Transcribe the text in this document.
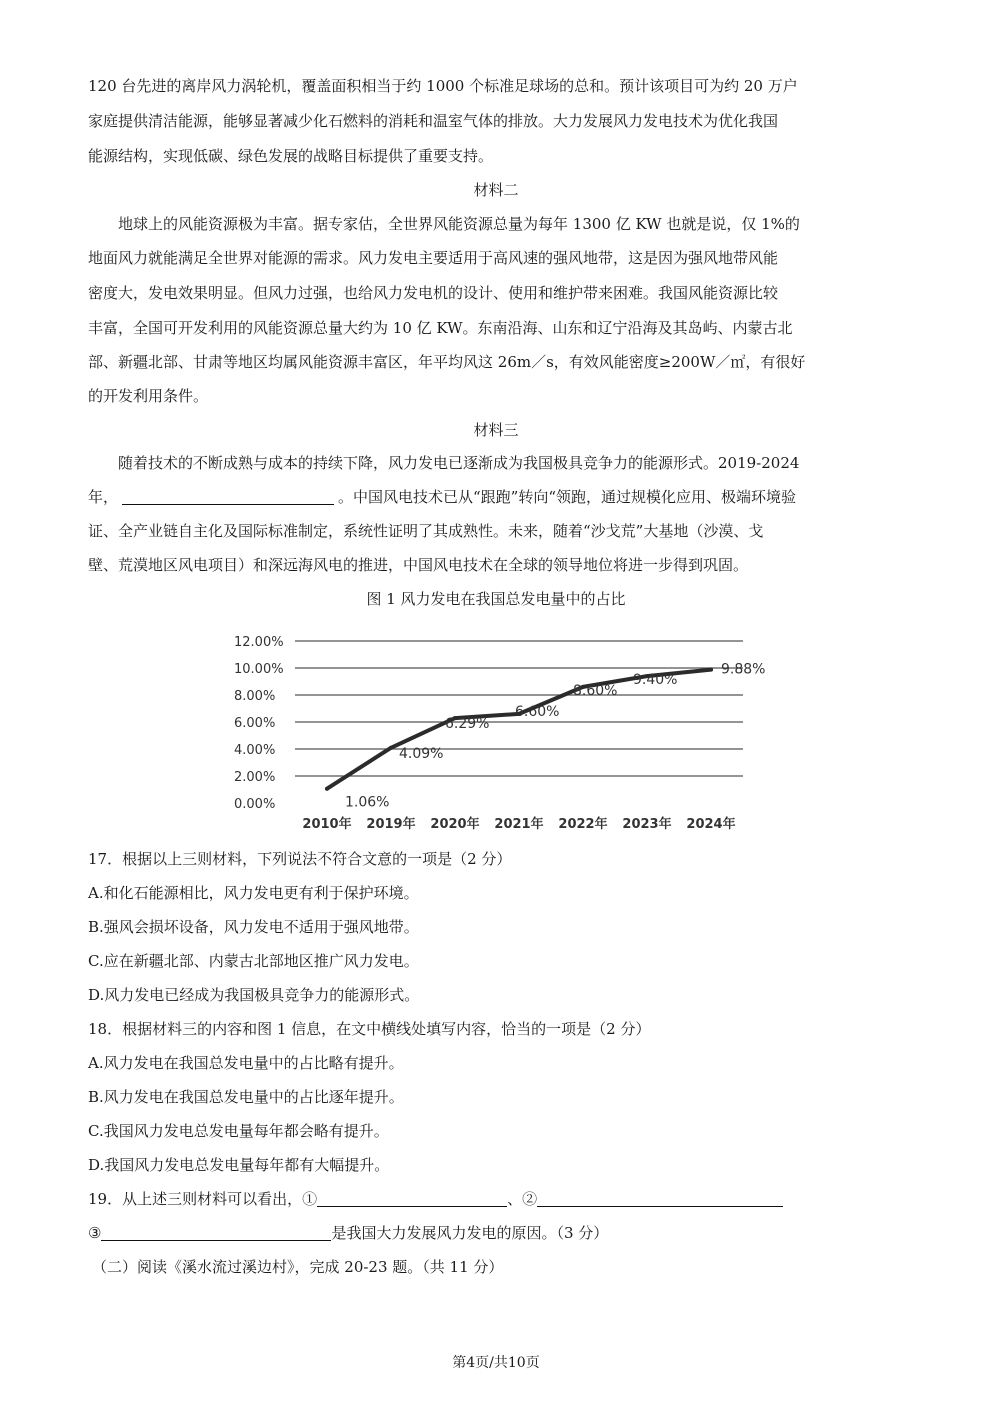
120 台先进的离岸风力涡轮机，覆盖面积相当于约 1000 个标准足球场的总和。预计该项目可为约 20 万户
家庭提供清洁能源，能够显著减少化石燃料的消耗和温室气体的排放。大力发展风力发电技术为优化我国
能源结构，实现低碳、绿色发展的战略目标提供了重要支持。
材料二
地球上的风能资源极为丰富。据专家估，全世界风能资源总量为每年 1300 亿 KW 也就是说，仅 1%的
地面风力就能满足全世界对能源的需求。风力发电主要适用于高风速的强风地带，这是因为强风地带风能
密度大，发电效果明显。但风力过强，也给风力发电机的设计、使用和维护带来困难。我国风能资源比较
丰富，全国可开发利用的风能资源总量大约为 10 亿 KW。东南沿海、山东和辽宁沿海及其岛屿、内蒙古北
部、新疆北部、甘肃等地区均属风能资源丰富区，年平均风这 26m／s，有效风能密度≥200W／㎡，有很好
的开发利用条件。
材料三
随着技术的不断成熟与成本的持续下降，风力发电已逐渐成为我国极具竞争力的能源形式。2019-2024
年，	。中国风电技术已从“跟跑”转向“领跑，通过规模化应用、极端环境验
证、全产业链自主化及国际标准制定，系统性证明了其成熟性。未来，随着“沙戈荒”大基地（沙漠、戈
壁、荒漠地区风电项目）和深远海风电的推进，中国风电技术在全球的领导地位将进一步得到巩固。
图 1 风力发电在我国总发电量中的占比
0.00%
2.00%
4.00%
6.00%
8.00%
10.00%
12.00%
2010年 2019年 2020年 2021年 2022年 2023年 2024年
1.06%
4.09%
6.29%
6.60%
8.60%
9.40%
9.88%
17．根据以上三则材料，下列说法不符合文意的一项是（2 分）
A.和化石能源相比，风力发电更有利于保护环境。
B.强风会损坏设备，风力发电不适用于强风地带。
C.应在新疆北部、内蒙古北部地区推广风力发电。
D.风力发电已经成为我国极具竞争力的能源形式。
18．根据材料三的内容和图 1 信息，在文中横线处填写内容，恰当的一项是（2 分）
A.风力发电在我国总发电量中的占比略有提升。
B.风力发电在我国总发电量中的占比逐年提升。
C.我国风力发电总发电量每年都会略有提升。
D.我国风力发电总发电量每年都有大幅提升。
19．从上述三则材料可以看出，①	、②
③	是我国大力发展风力发电的原因。（3 分）
（二）阅读《溪水流过溪边村》，完成 20-23 题。（共 11 分）
第4页/共10页
